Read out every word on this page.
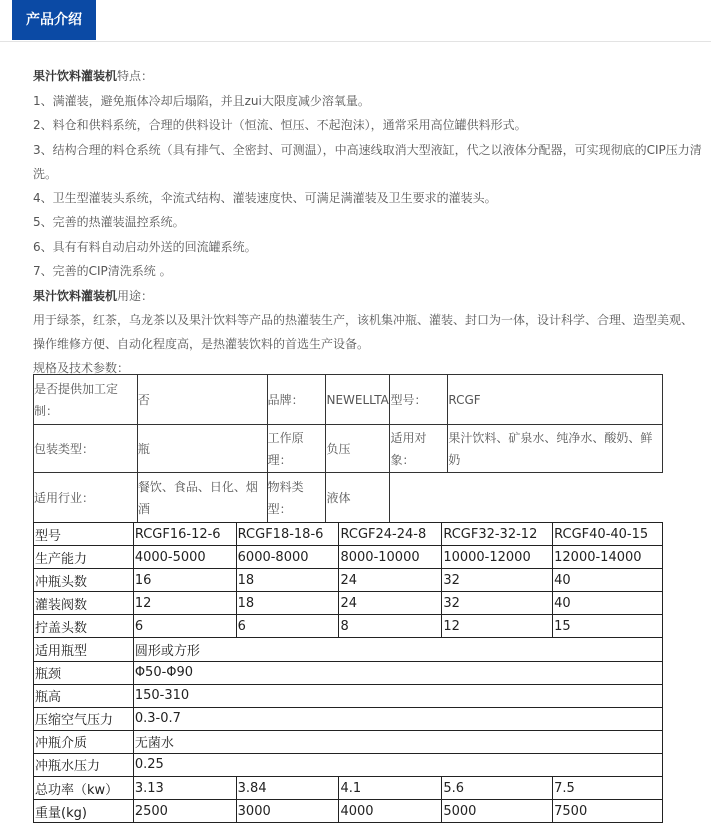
产品介绍
果汁饮料灌装机特点：
1、满灌装，避免瓶体冷却后塌陷，并且zui大限度减少溶氧量。
2、料仓和供料系统，合理的供料设计（恒流、恒压、不起泡沫），通常采用高位罐供料形式。
3、结构合理的料仓系统（具有排气、全密封、可测温），中高速线取消大型液缸，代之以液体分配器，可实现彻底的CIP压力清洗。
4、卫生型灌装头系统，伞流式结构、灌装速度快、可满足满灌装及卫生要求的灌装头。
5、完善的热灌装温控系统。
6、具有有料自动启动外送的回流罐系统。
7、完善的CIP清洗系统 。
果汁饮料灌装机用途：
用于绿茶，红茶，乌龙茶以及果汁饮料等产品的热灌装生产，该机集冲瓶、灌装、封口为一体，设计科学、合理、造型美观、操作维修方便、自动化程度高，是热灌装饮料的首选生产设备。
规格及技术参数：
是否提供加工定制：	否	品牌：	NEWELLTA	型号：	RCGF
包装类型：	瓶	工作原理：	负压	适用对象：	果汁饮料、矿泉水、纯净水、酸奶、鲜奶
适用行业：	餐饮、食品、日化、烟酒	物料类型：	液体		
型号	RCGF16-12-6	RCGF18-18-6	RCGF24-24-8	RCGF32-32-12	RCGF40-40-15
生产能力	4000-5000	6000-8000	8000-10000	10000-12000	12000-14000
冲瓶头数	16	18	24	32	40
灌装阀数	12	18	24	32	40
拧盖头数	6	6	8	12	15
适用瓶型	圆形或方形				
瓶颈	Φ50-Φ90				
瓶高	150-310				
压缩空气压力	0.3-0.7				
冲瓶介质	无菌水				
冲瓶水压力	0.25				
总功率（kw）	3.13	3.84	4.1	5.6	7.5
重量(kg)	2500	3000	4000	5000	7500
